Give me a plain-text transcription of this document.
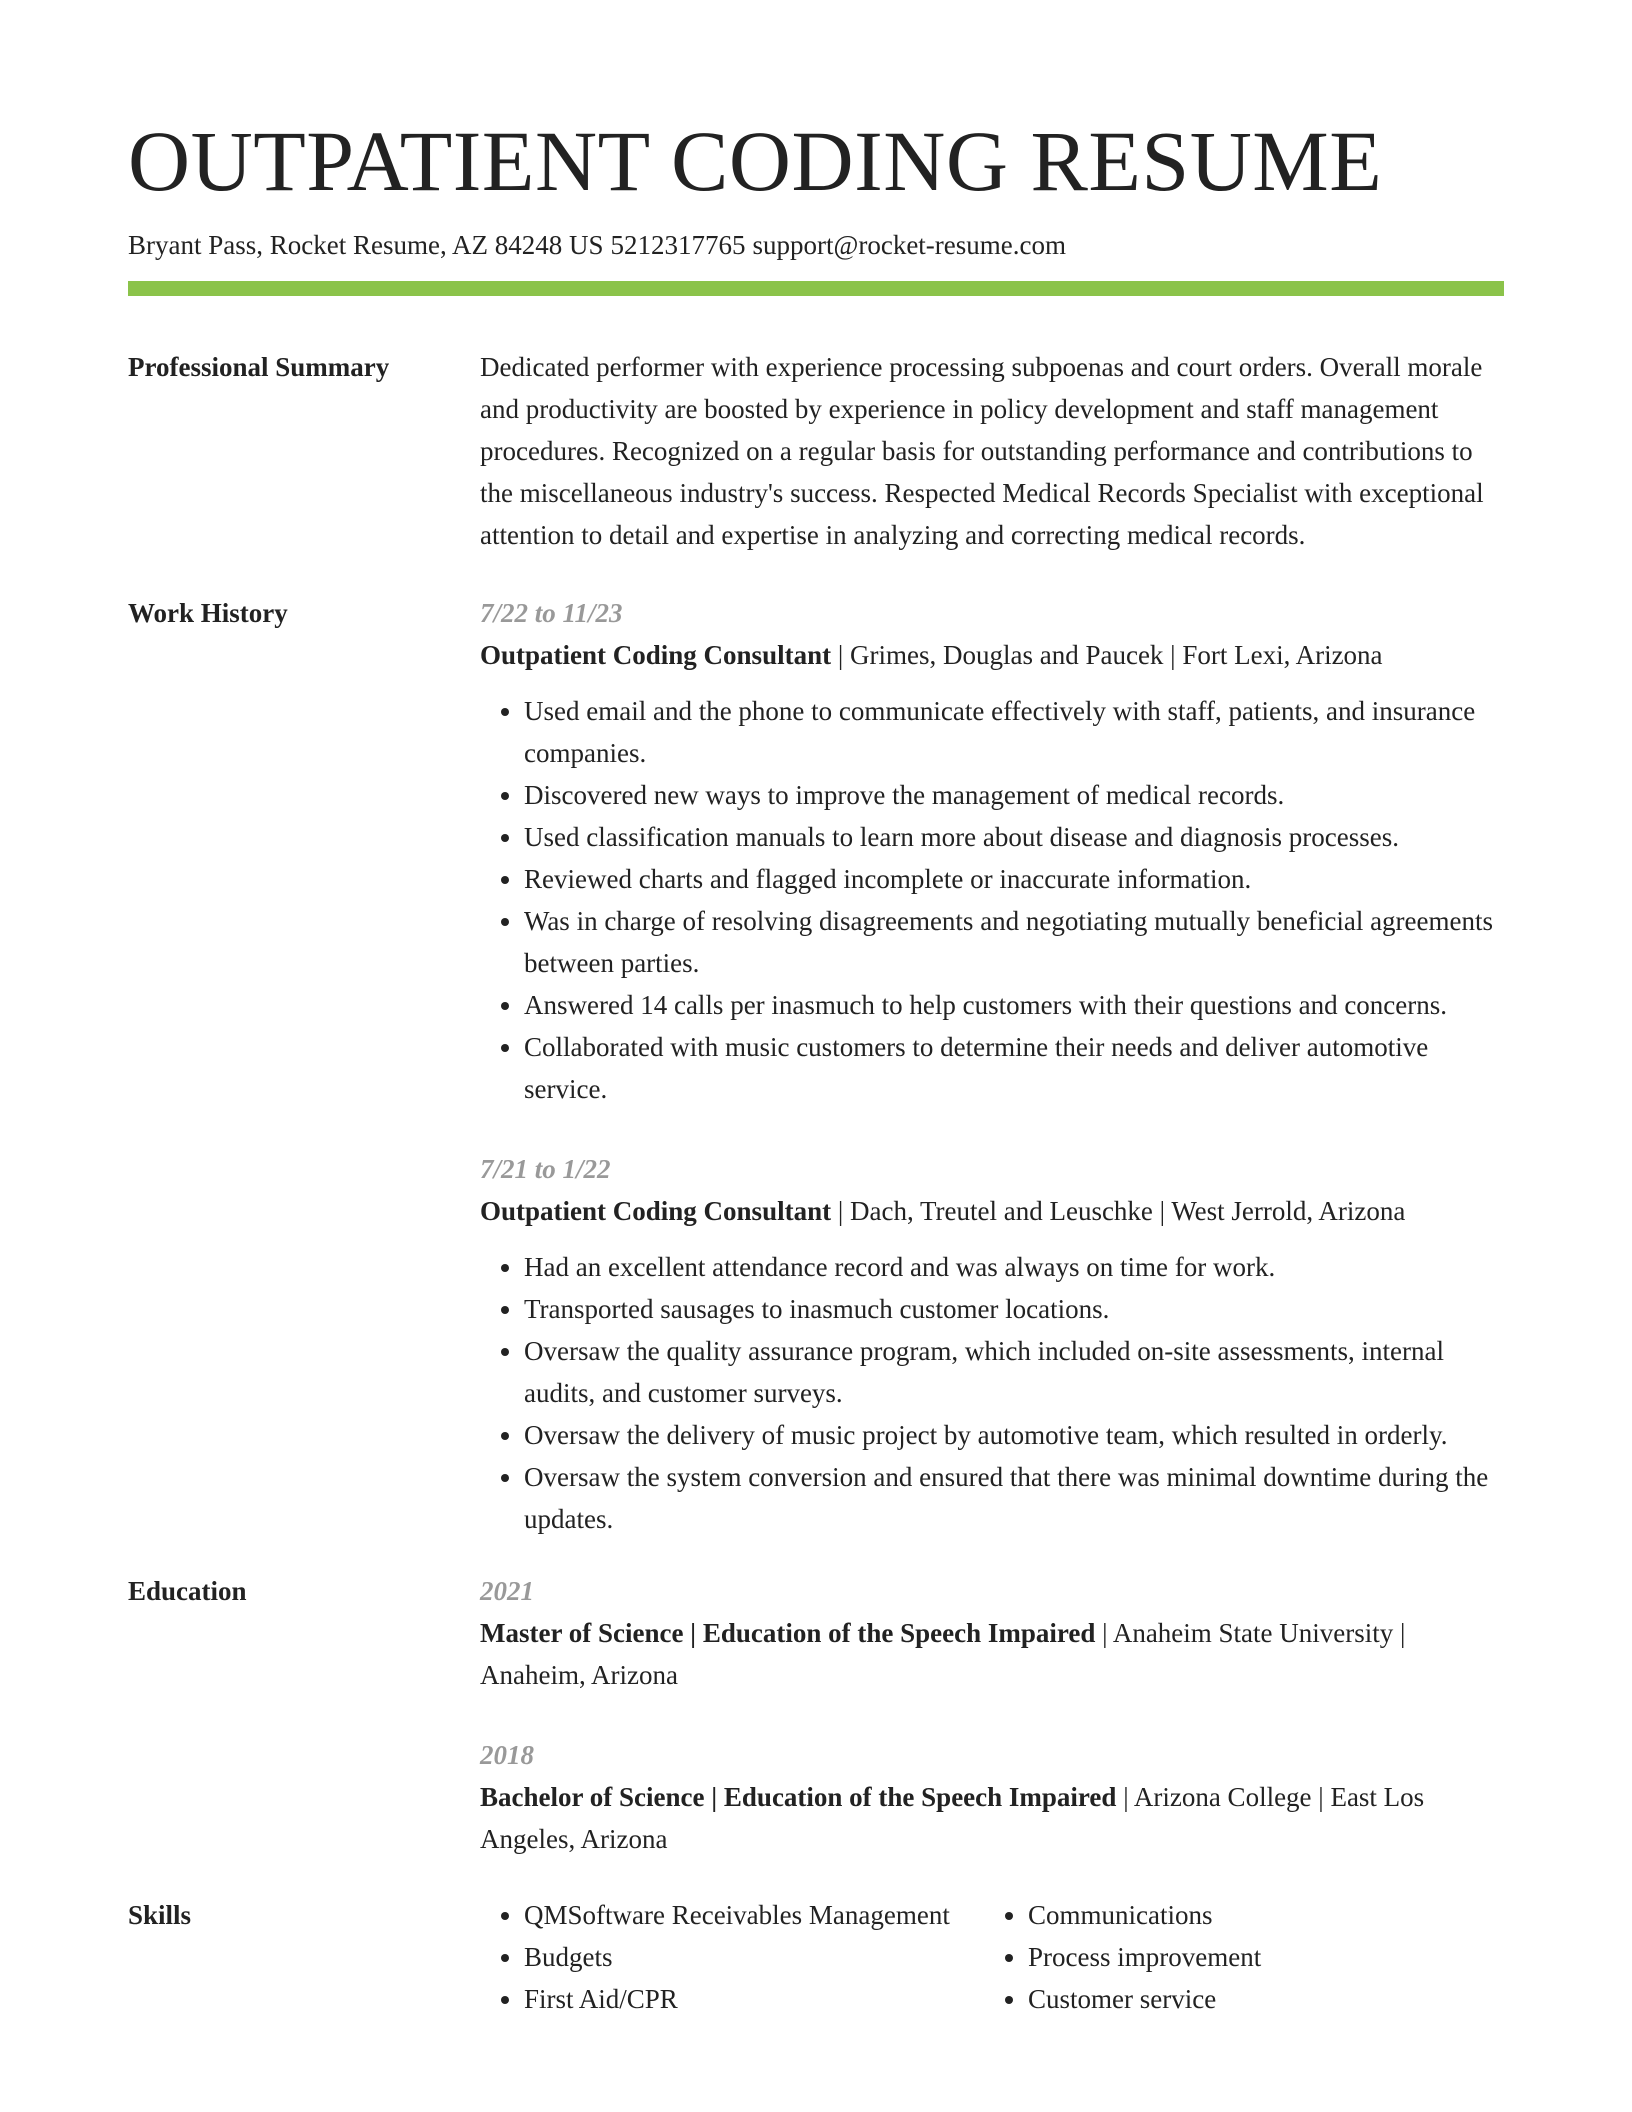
OUTPATIENT CODING RESUME
Bryant Pass, Rocket Resume, AZ 84248 US 5212317765 support@rocket-resume.com
Professional Summary	Dedicated performer with experience processing subpoenas and court orders. Overall morale and productivity are boosted by experience in policy development and staff management procedures. Recognized on a regular basis for outstanding performance and contributions to the miscellaneous industry's success. Respected Medical Records Specialist with exceptional attention to detail and expertise in analyzing and correcting medical records.
Work History	7/22 to 11/23
Outpatient Coding Consultant | Grimes, Douglas and Paucek | Fort Lexi, Arizona
• Used email and the phone to communicate effectively with staff, patients, and insurance companies.
• Discovered new ways to improve the management of medical records.
• Used classification manuals to learn more about disease and diagnosis processes.
• Reviewed charts and flagged incomplete or inaccurate information.
• Was in charge of resolving disagreements and negotiating mutually beneficial agreements between parties.
• Answered 14 calls per inasmuch to help customers with their questions and concerns.
• Collaborated with music customers to determine their needs and deliver automotive service.
7/21 to 1/22
Outpatient Coding Consultant | Dach, Treutel and Leuschke | West Jerrold, Arizona
• Had an excellent attendance record and was always on time for work.
• Transported sausages to inasmuch customer locations.
• Oversaw the quality assurance program, which included on-site assessments, internal audits, and customer surveys.
• Oversaw the delivery of music project by automotive team, which resulted in orderly.
• Oversaw the system conversion and ensured that there was minimal downtime during the updates.
Education	2021
Master of Science | Education of the Speech Impaired | Anaheim State University | Anaheim, Arizona
2018
Bachelor of Science | Education of the Speech Impaired | Arizona College | East Los Angeles, Arizona
Skills
•	QMSoftware Receivables Management
• Budgets
• First Aid/CPR
• Communications
• Process improvement
• Customer service
